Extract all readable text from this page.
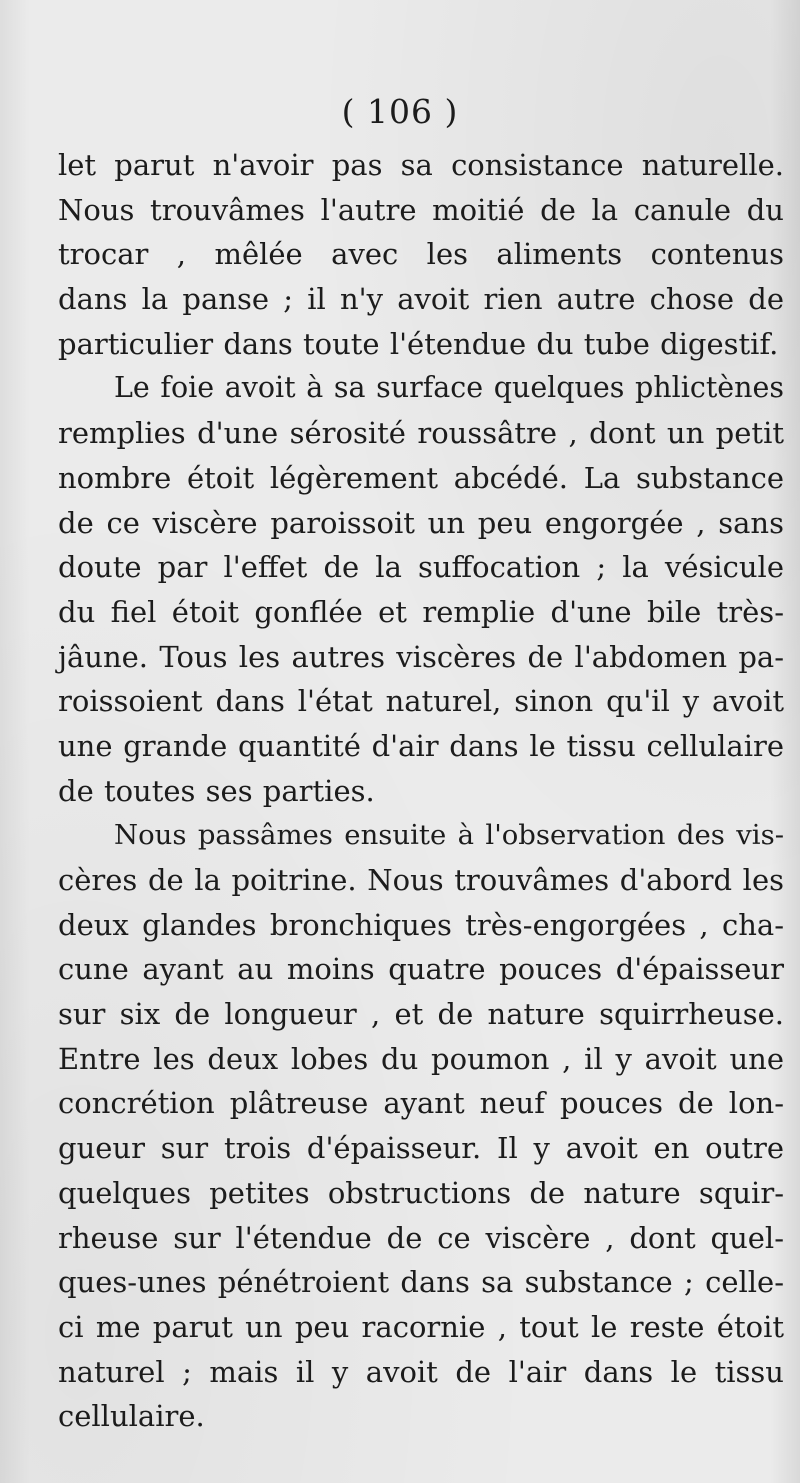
( 106 )
let parut n'avoir pas sa consistance naturelle.
Nous trouvâmes l'autre moitié de la canule du
trocar , mêlée avec les aliments contenus
dans la panse ; il n'y avoit rien autre chose de
particulier dans toute l'étendue du tube digestif.
Le foie avoit à sa surface quelques phlictènes
remplies d'une sérosité roussâtre , dont un petit
nombre étoit légèrement abcédé. La substance
de ce viscère paroissoit un peu engorgée , sans
doute par l'effet de la suffocation ; la vésicule
du fiel étoit gonflée et remplie d'une bile très-
jâune. Tous les autres viscères de l'abdomen pa-
roissoient dans l'état naturel, sinon qu'il y avoit
une grande quantité d'air dans le tissu cellulaire
de toutes ses parties.
Nous passâmes ensuite à l'observation des vis-
cères de la poitrine. Nous trouvâmes d'abord les
deux glandes bronchiques très-engorgées , cha-
cune ayant au moins quatre pouces d'épaisseur
sur six de longueur , et de nature squirrheuse.
Entre les deux lobes du poumon , il y avoit une
concrétion plâtreuse ayant neuf pouces de lon-
gueur sur trois d'épaisseur. Il y avoit en outre
quelques petites obstructions de nature squir-
rheuse sur l'étendue de ce viscère , dont quel-
ques-unes pénétroient dans sa substance ; celle-
ci me parut un peu racornie , tout le reste étoit
naturel ; mais il y avoit de l'air dans le tissu
cellulaire.
